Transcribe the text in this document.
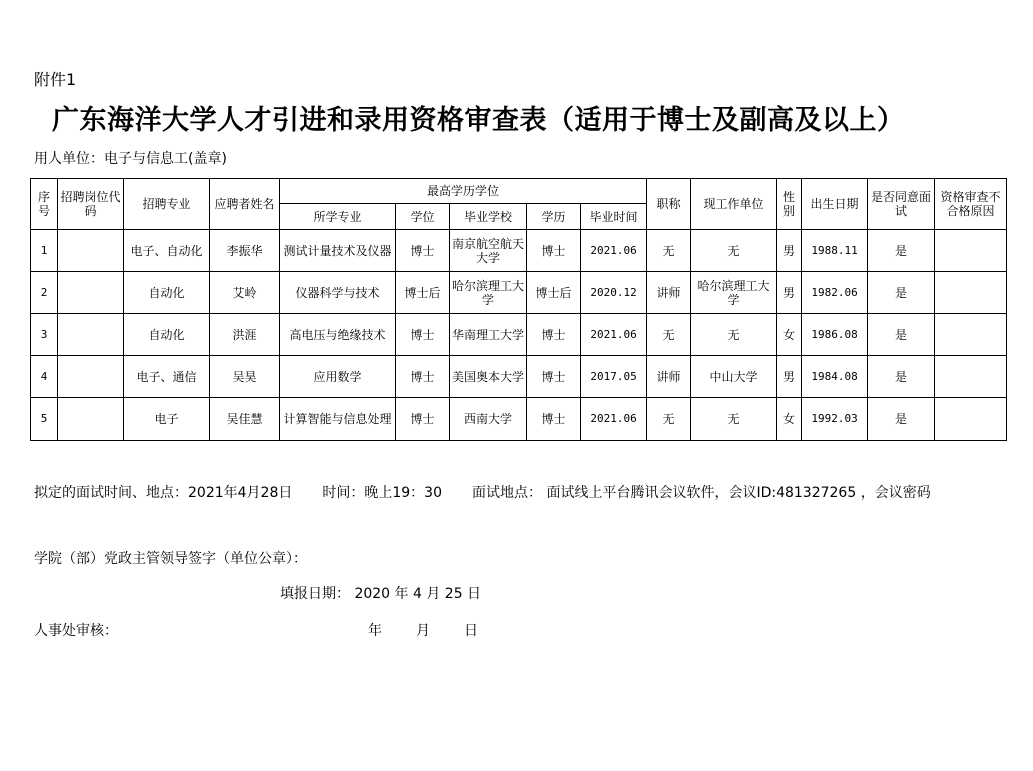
附件1
广东海洋大学人才引进和录用资格审查表（适用于博士及副高及以上）
用人单位：电子与信息工(盖章)
序号	招聘岗位代码	招聘专业	应聘者姓名	最高学历学位					职称	现工作单位	性别	出生日期	是否同意面试	资格审查不合格原因
				所学专业	学位	毕业学校	学历	毕业时间						
1		电子、自动化	李振华	测试计量技术及仪器	博士	南京航空航天大学	博士	2021.06	无	无	男	1988.11	是	
2		自动化	艾岭	仪器科学与技术	博士后	哈尔滨理工大学	博士后	2020.12	讲师	哈尔滨理工大学	男	1982.06	是	
3		自动化	洪涯	高电压与绝缘技术	博士	华南理工大学	博士	2021.06	无	无	女	1986.08	是	
4		电子、通信	吴昊	应用数学	博士	美国奥本大学	博士	2017.05	讲师	中山大学	男	1984.08	是	
5		电子	吴佳慧	计算智能与信息处理	博士	西南大学	博士	2021.06	无	无	女	1992.03	是	
拟定的面试时间、地点：2021年4月28日 时间：晚上19：30 面试地点： 面试线上平台腾讯会议软件，会议ID:481327265 ，会议密码
学院（部）党政主管领导签字（单位公章）：
填报日期： 2020 年 4 月 25 日
人事处审核：	年 月 日
